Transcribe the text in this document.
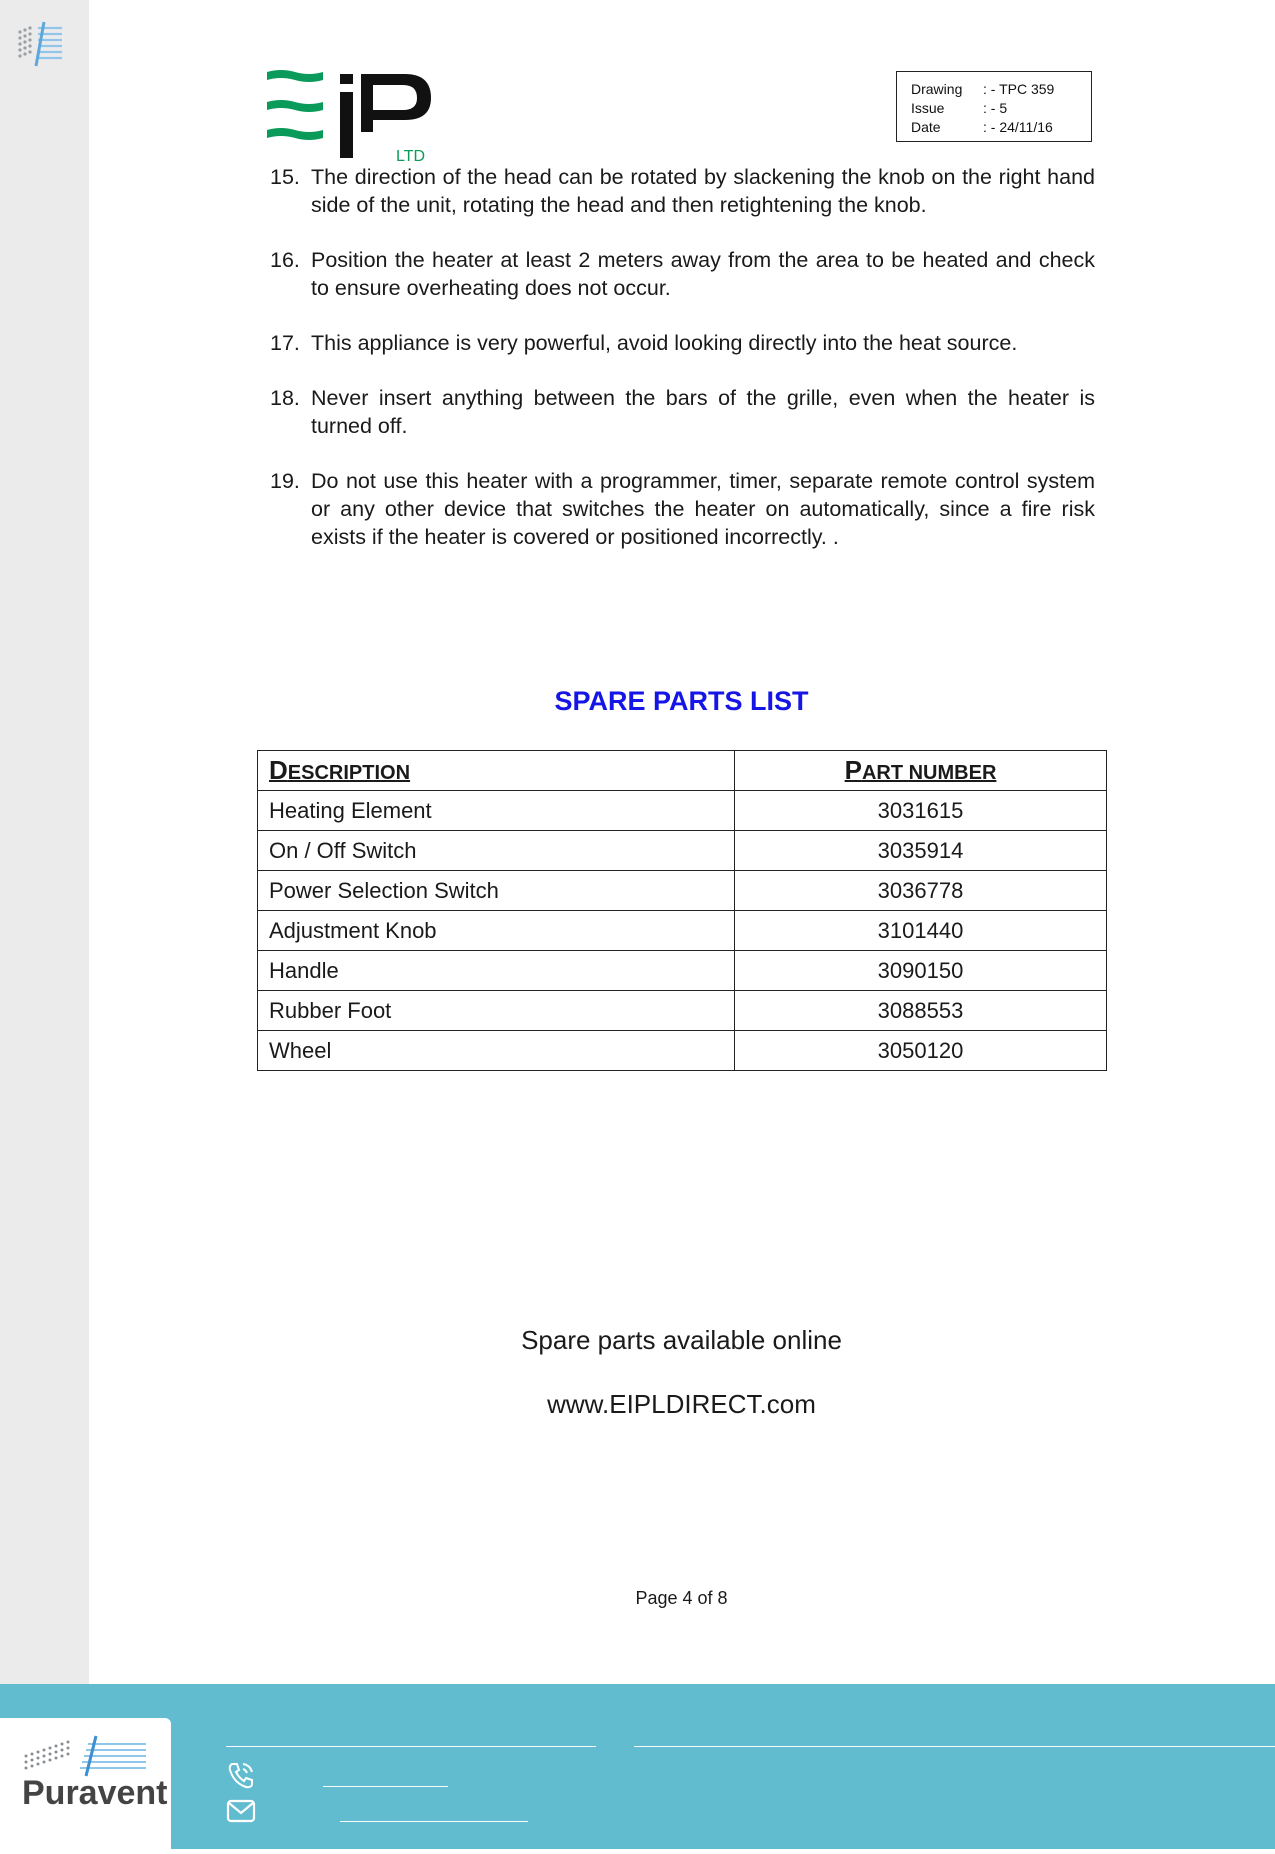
LTD
Drawing	: - TPC 359
Issue	: - 5
Date	: - 24/11/16
15. The direction of the head can be rotated by slackening the knob on the right hand side of the unit, rotating the head and then retightening the knob.
16. Position the heater at least 2 meters away from the area to be heated and check to ensure overheating does not occur.
17. This appliance is very powerful, avoid looking directly into the heat source.
18. Never insert anything between the bars of the grille, even when the heater is turned off.
19. Do not use this heater with a programmer, timer, separate remote control system or any other device that switches the heater on automatically, since a fire risk exists if the heater is covered or positioned incorrectly. .
SPARE PARTS LIST
DESCRIPTION	PART NUMBER
Heating Element	3031615
On / Off Switch	3035914
Power Selection Switch	3036778
Adjustment Knob	3101440
Handle	3090150
Rubber Foot	3088553
Wheel	3050120
Spare parts available online
www.EIPLDIRECT.com
Page 4 of 8
Puravent
